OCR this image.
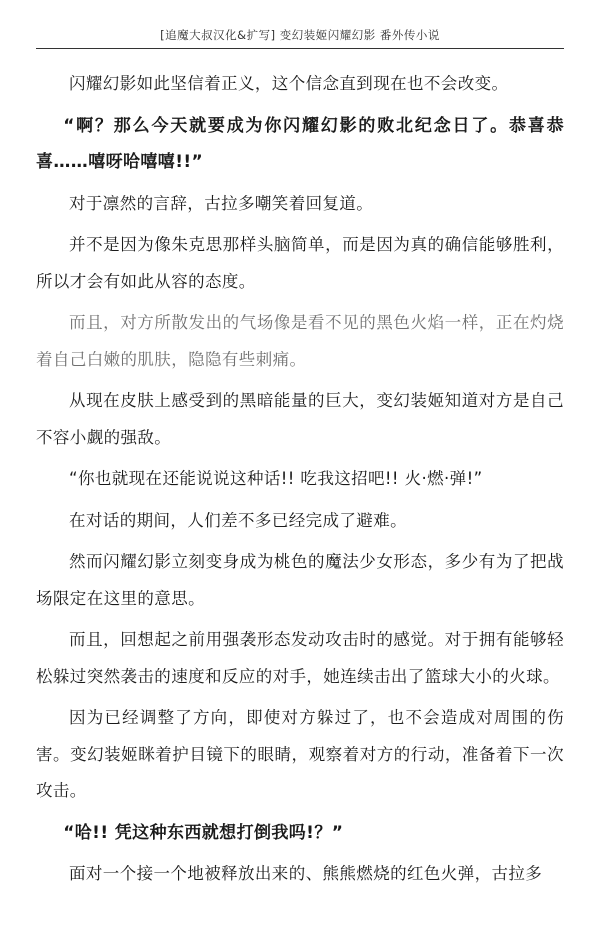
[追魔大叔汉化&扩写] 变幻装姬闪耀幻影 番外传小说

闪耀幻影如此坚信着正义，这个信念直到现在也不会改变。

“啊？那么今天就要成为你闪耀幻影的败北纪念日了。恭喜恭喜……嘻呀哈嘻嘻!!”

对于凛然的言辞，古拉多嘲笑着回复道。

并不是因为像朱克思那样头脑简单，而是因为真的确信能够胜利，所以才会有如此从容的态度。

而且，对方所散发出的气场像是看不见的黑色火焰一样，正在灼烧着自己白嫩的肌肤，隐隐有些刺痛。

从现在皮肤上感受到的黑暗能量的巨大，变幻装姬知道对方是自己不容小觑的强敌。

“你也就现在还能说说这种话!! 吃我这招吧!! 火·燃·弹!”

在对话的期间，人们差不多已经完成了避难。

然而闪耀幻影立刻变身成为桃色的魔法少女形态，多少有为了把战场限定在这里的意思。

而且，回想起之前用强袭形态发动攻击时的感觉。对于拥有能够轻松躲过突然袭击的速度和反应的对手，她连续击出了篮球大小的火球。

因为已经调整了方向，即使对方躲过了，也不会造成对周围的伤害。变幻装姬眯着护目镜下的眼睛，观察着对方的行动，准备着下一次攻击。

“哈!! 凭这种东西就想打倒我吗!？”

面对一个接一个地被释放出来的、熊熊燃烧的红色火弹，古拉多
